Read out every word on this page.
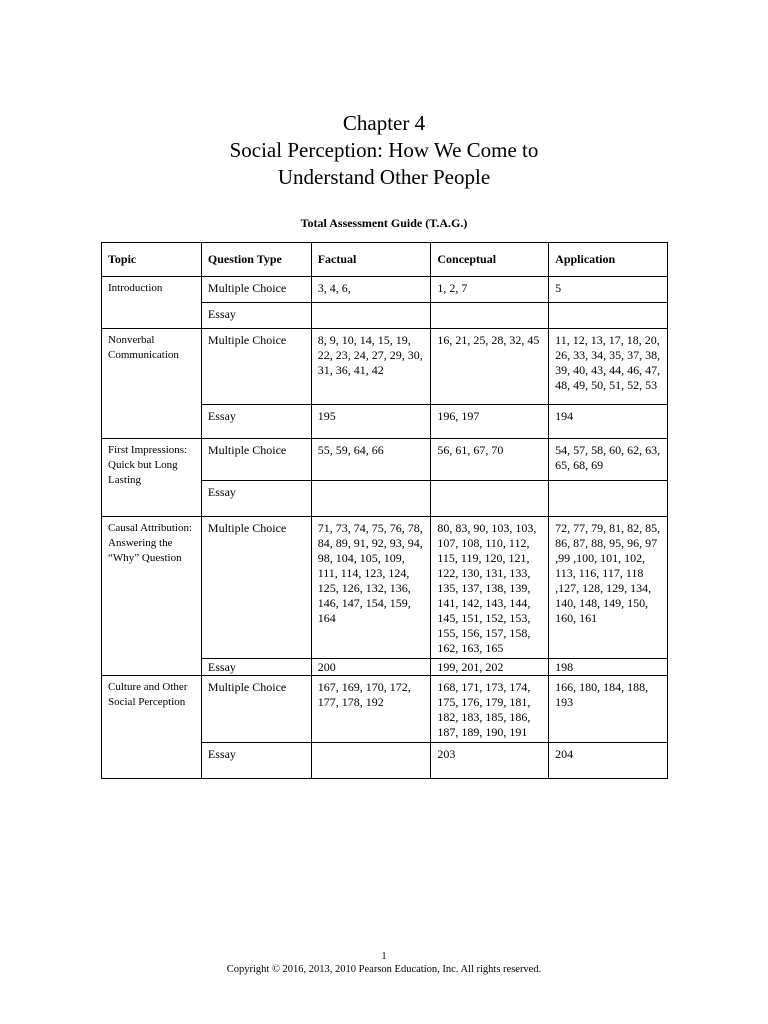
Chapter 4
Social Perception: How We Come to
Understand Other People
Total Assessment Guide (T.A.G.)
Topic	Question Type	Factual	Conceptual	Application
Introduction	Multiple Choice	3, 4, 6,	1, 2, 7	5
	Essay			
Nonverbal Communication	Multiple Choice	8, 9, 10, 14, 15, 19, 22, 23, 24, 27, 29, 30, 31, 36, 41, 42	16, 21, 25, 28, 32, 45	11, 12, 13, 17, 18, 20, 26, 33, 34, 35, 37, 38, 39, 40, 43, 44, 46, 47, 48, 49, 50, 51, 52, 53
	Essay	195	196, 197	194
First Impressions: Quick but Long Lasting	Multiple Choice	55, 59, 64, 66	56, 61, 67, 70	54, 57, 58, 60, 62, 63, 65, 68, 69
	Essay			
Causal Attribution: Answering the “Why” Question	Multiple Choice	71, 73, 74, 75, 76, 78, 84, 89, 91, 92, 93, 94, 98, 104, 105, 109, 111, 114, 123, 124, 125, 126, 132, 136, 146, 147, 154, 159, 164	80, 83, 90, 103, 103, 107, 108, 110, 112, 115, 119, 120, 121, 122, 130, 131, 133, 135, 137, 138, 139, 141, 142, 143, 144, 145, 151, 152, 153, 155, 156, 157, 158, 162, 163, 165	72, 77, 79, 81, 82, 85, 86, 87, 88, 95, 96, 97 ,99 ,100, 101, 102, 113, 116, 117, 118 ,127, 128, 129, 134, 140, 148, 149, 150, 160, 161
	Essay	200	199, 201, 202	198
Culture and Other Social Perception	Multiple Choice	167, 169, 170, 172, 177, 178, 192	168, 171, 173, 174, 175, 176, 179, 181, 182, 183, 185, 186, 187, 189, 190, 191	166, 180, 184, 188, 193
	Essay		203	204
1
Copyright © 2016, 2013, 2010 Pearson Education, Inc. All rights reserved.
